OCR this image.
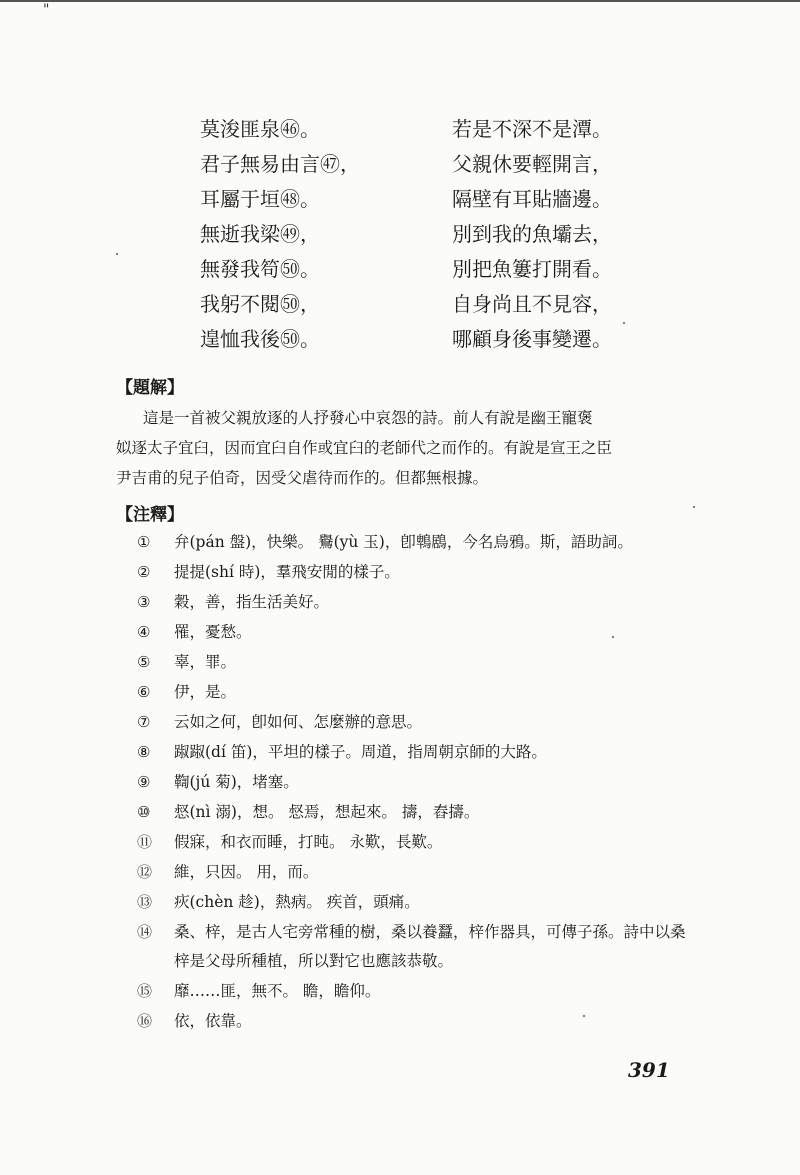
"
莫浚匪泉㊻。	若是不深不是潭。
君子無易由言㊼，	父親休要輕開言，
耳屬于垣㊽。	隔壁有耳貼牆邊。
無逝我梁㊾，	別到我的魚壩去，
無發我笱㊿。	別把魚簍打開看。
我躬不閱㊿，	自身尚且不見容，
遑恤我後㊿。	哪顧身後事變遷。
【題解】
這是一首被父親放逐的人抒發心中哀怨的詩。前人有說是幽王寵褒
姒逐太子宜臼，因而宜臼自作或宜臼的老師代之而作的。有說是宣王之臣
尹吉甫的兒子伯奇，因受父虐待而作的。但都無根據。
【注釋】
① 弁(pán 盤)，快樂。 鸒(yù 玉)，卽鵯鶋，今名烏鴉。斯，語助詞。
② 提提(shí 時)，羣飛安閒的樣子。
③ 穀，善，指生活美好。
④ 罹，憂愁。
⑤ 辜，罪。
⑥ 伊，是。
⑦ 云如之何，卽如何、怎麼辦的意思。
⑧ 踧踧(dí 笛)，平坦的樣子。周道，指周朝京師的大路。
⑨ 鞫(jú 菊)，堵塞。
⑩ 惄(nì 溺)，想。 惄焉，想起來。 擣，舂擣。
⑪ 假寐，和衣而睡，打盹。 永歎，長歎。
⑫ 維，只因。 用，而。
⑬ 疢(chèn 趁)，熱病。 疾首，頭痛。
⑭ 桑、梓，是古人宅旁常種的樹，桑以養蠶，梓作器具，可傳子孫。詩中以桑梓是父母所種植，所以對它也應該恭敬。
⑮ 靡……匪，無不。 瞻，瞻仰。
⑯ 依，依靠。
391
